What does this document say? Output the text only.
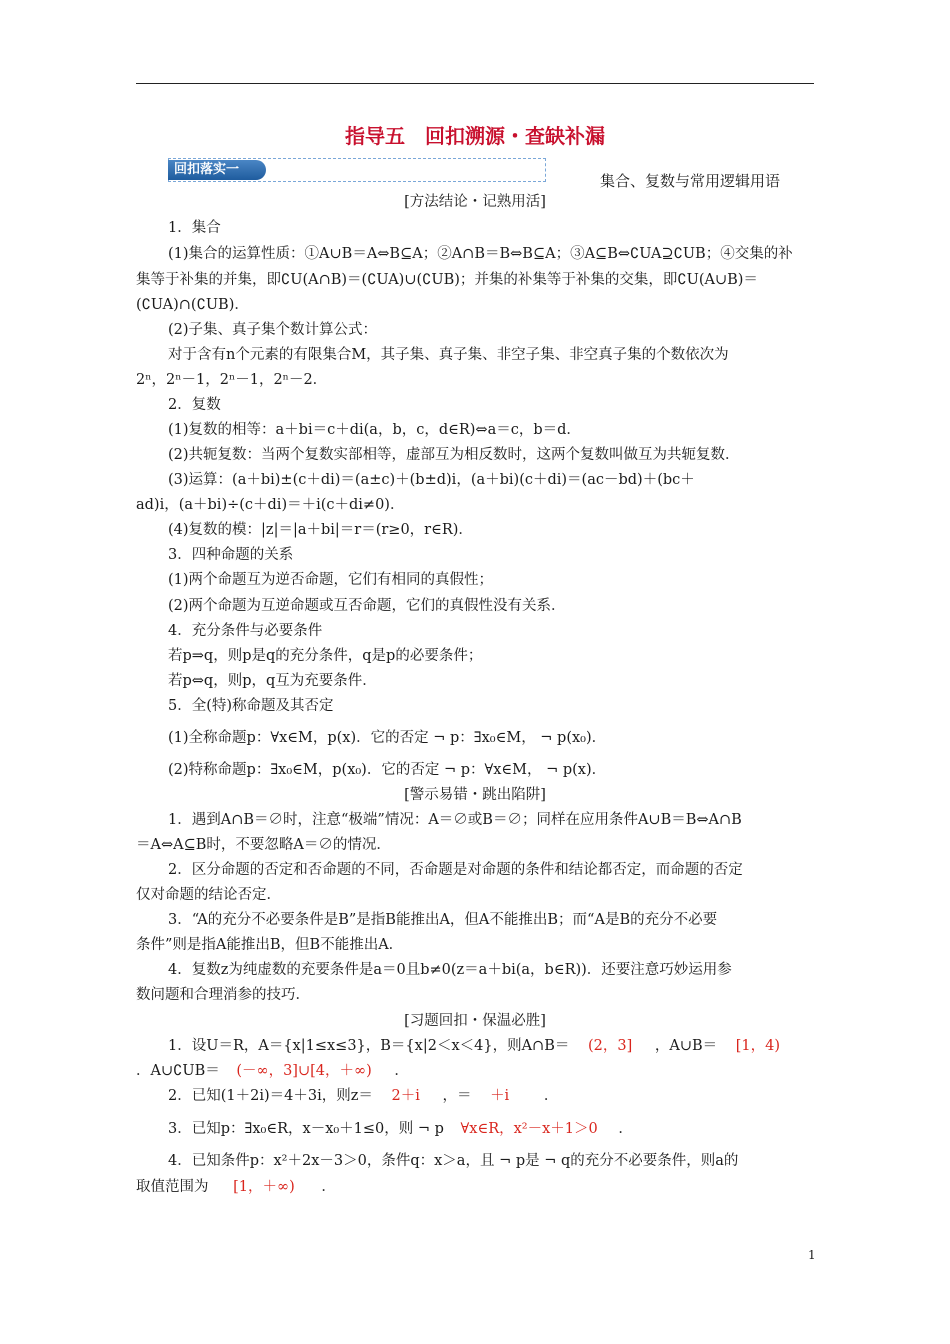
指导五　回扣溯源・查缺补漏
回扣落实一
集合、复数与常用逻辑用语
[方法结论・记熟用活]
1．集合
(1)集合的运算性质：①A∪B＝A⇔B⊆A；②A∩B＝B⇔B⊆A；③A⊆B⇔∁UA⊇∁UB；④交集的补
集等于补集的并集，即∁U(A∩B)＝(∁UA)∪(∁UB)；并集的补集等于补集的交集，即∁U(A∪B)＝
(∁UA)∩(∁UB)．
(2)子集、真子集个数计算公式：
对于含有n个元素的有限集合M，其子集、真子集、非空子集、非空真子集的个数依次为
2ⁿ，2ⁿ－1，2ⁿ－1，2ⁿ－2．
2．复数
(1)复数的相等：a＋bi＝c＋di(a，b，c，d∈R)⇔a＝c，b＝d．
(2)共轭复数：当两个复数实部相等，虚部互为相反数时，这两个复数叫做互为共轭复数．
(3)运算：(a＋bi)±(c＋di)＝(a±c)＋(b±d)i，(a＋bi)(c＋di)＝(ac－bd)＋(bc＋
ad)i，(a＋bi)÷(c＋di)＝＋i(c＋di≠0)．
(4)复数的模：|z|＝|a＋bi|＝r＝(r≥0，r∈R)．
3．四种命题的关系
(1)两个命题互为逆否命题，它们有相同的真假性；
(2)两个命题为互逆命题或互否命题，它们的真假性没有关系．
4．充分条件与必要条件
若p⇒q，则p是q的充分条件，q是p的必要条件；
若p⇔q，则p，q互为充要条件．
5．全(特)称命题及其否定
(1)全称命题p：∀x∈M，p(x)．它的否定 ¬ p：∃x₀∈M， ¬ p(x₀)．
(2)特称命题p：∃x₀∈M，p(x₀)．它的否定 ¬ p：∀x∈M， ¬ p(x)．
[警示易错・跳出陷阱]
1．遇到A∩B＝∅时，注意“极端”情况：A＝∅或B＝∅；同样在应用条件A∪B＝B⇔A∩B
＝A⇔A⊆B时，不要忽略A＝∅的情况．
2．区分命题的否定和否命题的不同，否命题是对命题的条件和结论都否定，而命题的否定
仅对命题的结论否定．
3．“A的充分不必要条件是B”是指B能推出A，但A不能推出B；而“A是B的充分不必要
条件”则是指A能推出B，但B不能推出A．
4．复数z为纯虚数的充要条件是a＝0且b≠0(z＝a＋bi(a，b∈R))．还要注意巧妙运用参
数问题和合理消参的技巧．
[习题回扣・保温必胜]
1．设U＝R，A＝{x|1≤x≤3}，B＝{x|2＜x＜4}，则A∩B＝ (2，3] ，A∪B＝ [1，4)
．A∪∁UB＝ (－∞，3]∪[4，＋∞) ．
2．已知(1＋2i)＝4＋3i，则z＝ 2＋i ，＝ ＋i ．
3．已知p：∃x₀∈R，x－x₀＋1≤0，则 ¬ p ∀x∈R，x²－x＋1＞0 ．
4．已知条件p：x²＋2x－3＞0，条件q：x＞a，且 ¬ p是 ¬ q的充分不必要条件，则a的
取值范围为 [1，＋∞) ．
1
